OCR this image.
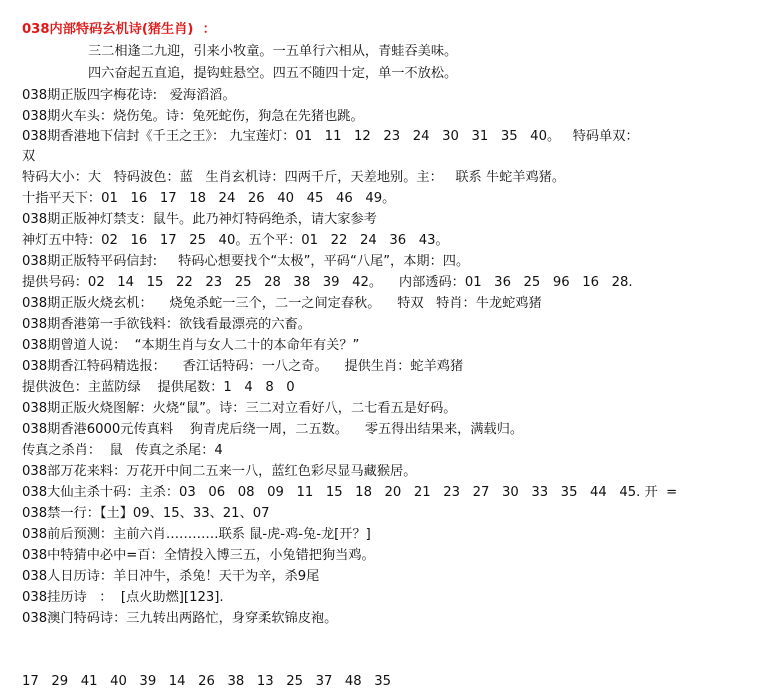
038内部特码玄机诗(猪生肖)  ：
三二相逢二九迎，引来小牧童。一五单行六相从，青蛙吞美味。
四六奋起五直追，提钩蛀悬空。四五不随四十定，单一不放松。
038期正版四字梅花诗:   爱海滔滔。
038期火车头：烧伤兔。诗：兔死蛇伤，狗急在先猪也跳。
038期香港地下信封《千王之王》： 九宝莲灯：01   11   12   23   24   30   31   35   40。   特码单双：
双
特码大小：大   特码波色：蓝   生肖玄机诗：四两千斤，天差地别。主：   联系 牛蛇羊鸡猪。
十指平天下：01   16   17   18   24   26   40   45   46   49。
038期正版神灯禁支：鼠牛。此乃神灯特码绝杀，请大家参考
神灯五中特：02   16   17   25   40。五个平：01   22   24   36   43。
038期正版特平码信封:     特码心想要找个“太极”，平码“八尾”，本期：四。
提供号码：02   14   15   22   23   25   28   38   39   42。    内部透码：01   36   25   96   16   28.
038期正版火烧玄机：    烧兔杀蛇一三个，二一之间定春秋。    特双   特肖：牛龙蛇鸡猪
038期香港第一手欲钱料：欲钱看最漂亮的六畜。
038期曾道人说：  “本期生肖与女人二十的本命年有关？”
038期香江特码精选报：    香江话特码：一八之奇。    提供生肖：蛇羊鸡猪
提供波色：主蓝防绿    提供尾数：1   4   8   0
038期正版火烧图解：火烧“鼠”。诗：三二对立看好八，二七看五是好码。
038期香港6000元传真料    狗青虎后绕一周，二五数。    零五得出结果来，满载归。
传真之杀肖：  鼠   传真之杀尾：4
038部万花来料：万花开中间二五来一八，蓝红色彩尽显马藏猴居。
038大仙主杀十码：主杀：03   06   08   09   11   15   18   20   21   23   27   30   33   35   44   45. 开  =
038禁一行：【土】09、15、33、21、07
038前后预测：主前六肖…………联系 鼠-虎-鸡-兔-龙[开？]
038中特猜中必中=百：全情投入博三五，小兔错把狗当鸡。
038人日历诗：羊日冲牛，杀兔！天干为辛，杀9尾
038挂历诗   ：  [点火助燃][123].
038澳门特码诗：三九转出两路忙，身穿柔软锦皮袍。

17   29   41   40   39   14   26   38   13   25   37   48   35
